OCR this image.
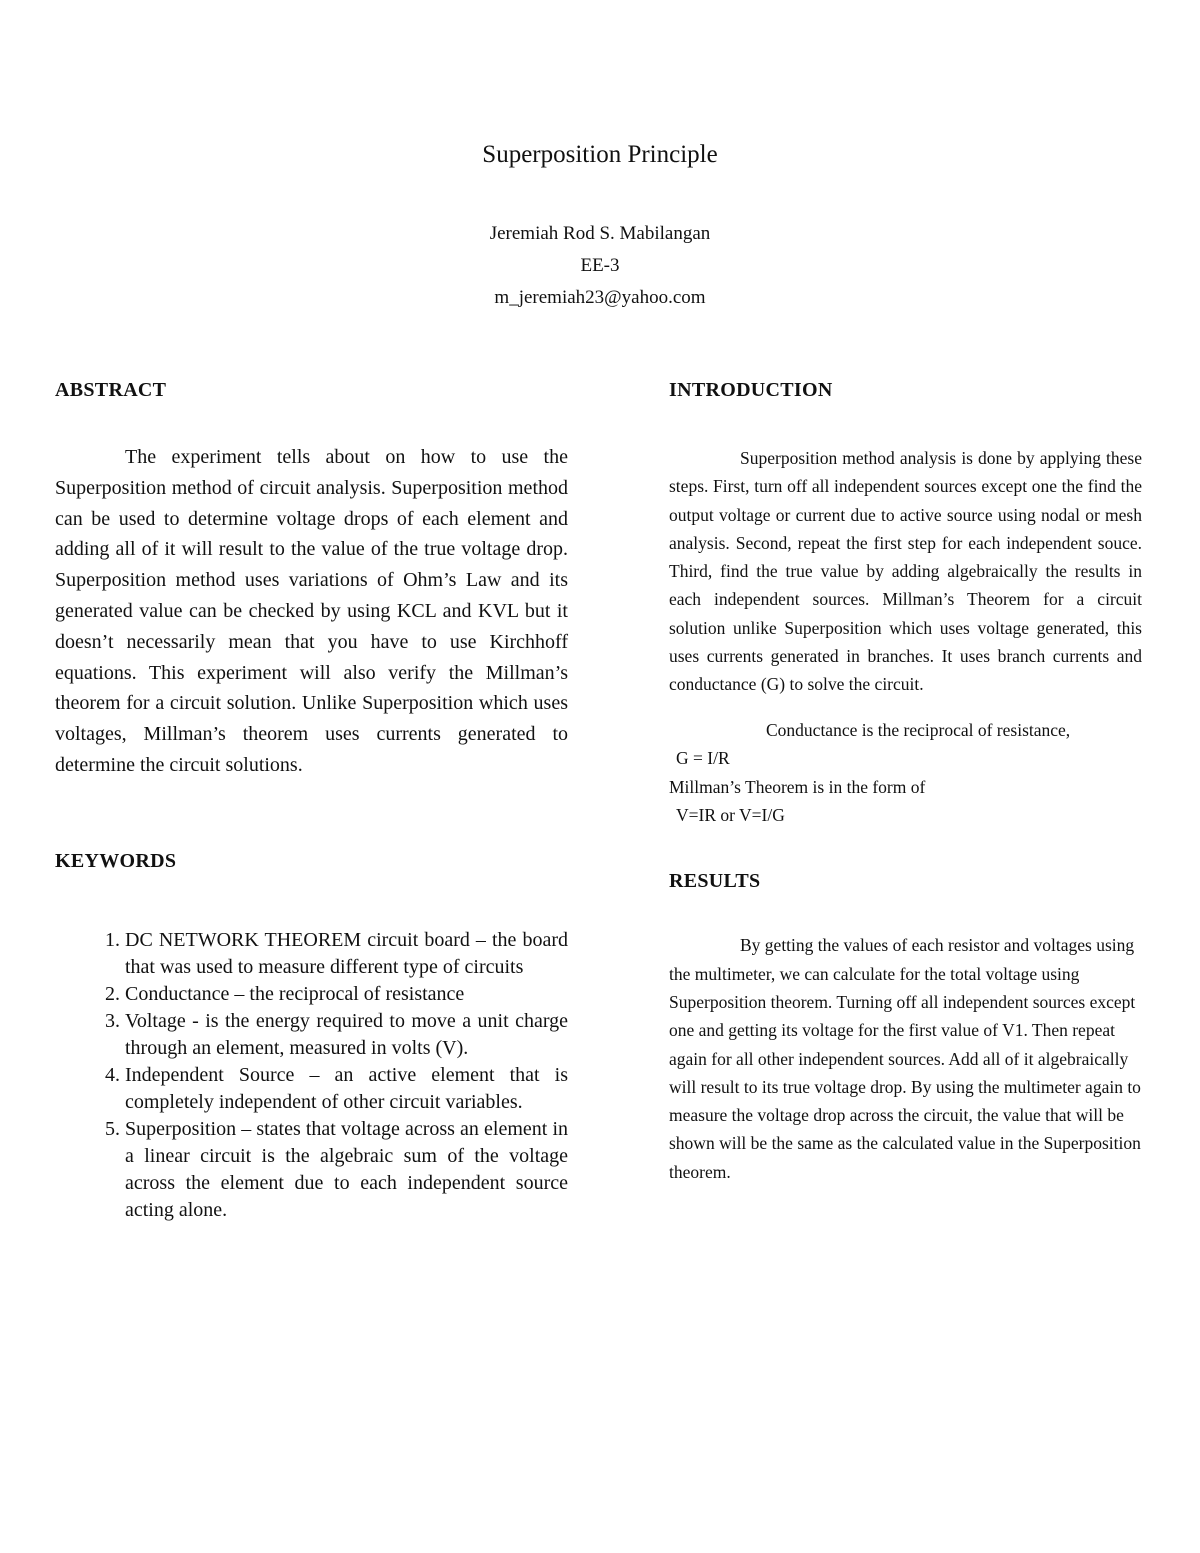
Superposition Principle
Jeremiah Rod S. Mabilangan
EE-3
m_jeremiah23@yahoo.com
ABSTRACT

The experiment tells about on how to use the Superposition method of circuit analysis. Superposition method can be used to determine voltage drops of each element and adding all of it will result to the value of the true voltage drop. Superposition method uses variations of Ohm’s Law and its generated value can be checked by using KCL and KVL but it doesn’t necessarily mean that you have to use Kirchhoff equations. This experiment will also verify the Millman’s theorem for a circuit solution. Unlike Superposition which uses voltages, Millman’s theorem uses currents generated to determine the circuit solutions.

KEYWORDS
1. DC NETWORK THEOREM circuit board – the board that was used to measure different type of circuits
2. Conductance – the reciprocal of resistance
3. Voltage - is the energy required to move a unit charge through an element, measured in volts (V).
4. Independent Source – an active element that is completely independent of other circuit variables.
5. Superposition – states that voltage across an element in a linear circuit is the algebraic sum of the voltage across the element due to each independent source acting alone.
INTRODUCTION

Superposition method analysis is done by applying these steps. First, turn off all independent sources except one the find the output voltage or current due to active source using nodal or mesh analysis. Second, repeat the first step for each independent souce. Third, find the true value by adding algebraically the results in each independent sources. Millman’s Theorem for a circuit solution unlike Superposition which uses voltage generated, this uses currents generated in branches. It uses branch currents and conductance (G) to solve the circuit.

Conductance is the reciprocal of resistance,

G = I/R

Millman’s Theorem is in the form of

V=IR or V=I/G

RESULTS

By getting the values of each resistor and voltages using the multimeter, we can calculate for the total voltage using Superposition theorem. Turning off all independent sources except one and getting its voltage for the first value of V1. Then repeat again for all other independent sources. Add all of it algebraically will result to its true voltage drop. By using the multimeter again to measure the voltage drop across the circuit, the value that will be shown will be the same as the calculated value in the Superposition theorem.
